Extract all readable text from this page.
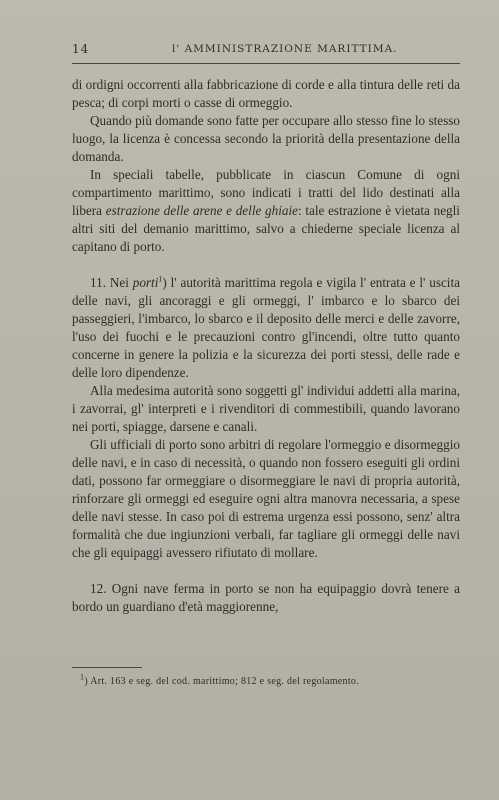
14	l' AMMINISTRAZIONE MARITTIMA.

di ordigni occorrenti alla fabbricazione di corde e alla tintura delle reti da pesca; di corpi morti o casse di ormeggio.

Quando più domande sono fatte per occupare allo stesso fine lo stesso luogo, la licenza è concessa secondo la priorità della presentazione della domanda.

In speciali tabelle, pubblicate in ciascun Comune di ogni compartimento marittimo, sono indicati i tratti del lido destinati alla libera estrazione delle arene e delle ghiaie: tale estrazione è vietata negli altri siti del demanio marittimo, salvo a chiederne speciale licenza al capitano di porto.

11. Nei porti$^1$) l' autorità marittima regola e vigila l' entrata e l' uscita delle navi, gli ancoraggi e gli ormeggi, l' imbarco e lo sbarco dei passeggieri, l'imbarco, lo sbarco e il deposito delle merci e delle zavorre, l'uso dei fuochi e le precauzioni contro gl'incendi, oltre tutto quanto concerne in genere la polizia e la sicurezza dei porti stessi, delle rade e delle loro dipendenze.

Alla medesima autorità sono soggetti gl' individui addetti alla marina, i zavorrai, gl' interpreti e i rivenditori di commestibili, quando lavorano nei porti, spiagge, darsene e canali.

Gli ufficiali di porto sono arbitri di regolare l'ormeggio e disormeggio delle navi, e in caso di necessità, o quando non fossero eseguiti gli ordini dati, possono far ormeggiare o disormeggiare le navi di propria autorità, rinforzare gli ormeggi ed eseguire ogni altra manovra necessaria, a spese delle navi stesse. In caso poi di estrema urgenza essi possono, senz' altra formalità che due ingiunzioni verbali, far tagliare gli ormeggi delle navi che gli equipaggi avessero rifiutato di mollare.

12. Ogni nave ferma in porto se non ha equipaggio dovrà tenere a bordo un guardiano d'età maggiorenne,

$^1$) Art. 163 e seg. del cod. marittimo; 812 e seg. del regolamento.
